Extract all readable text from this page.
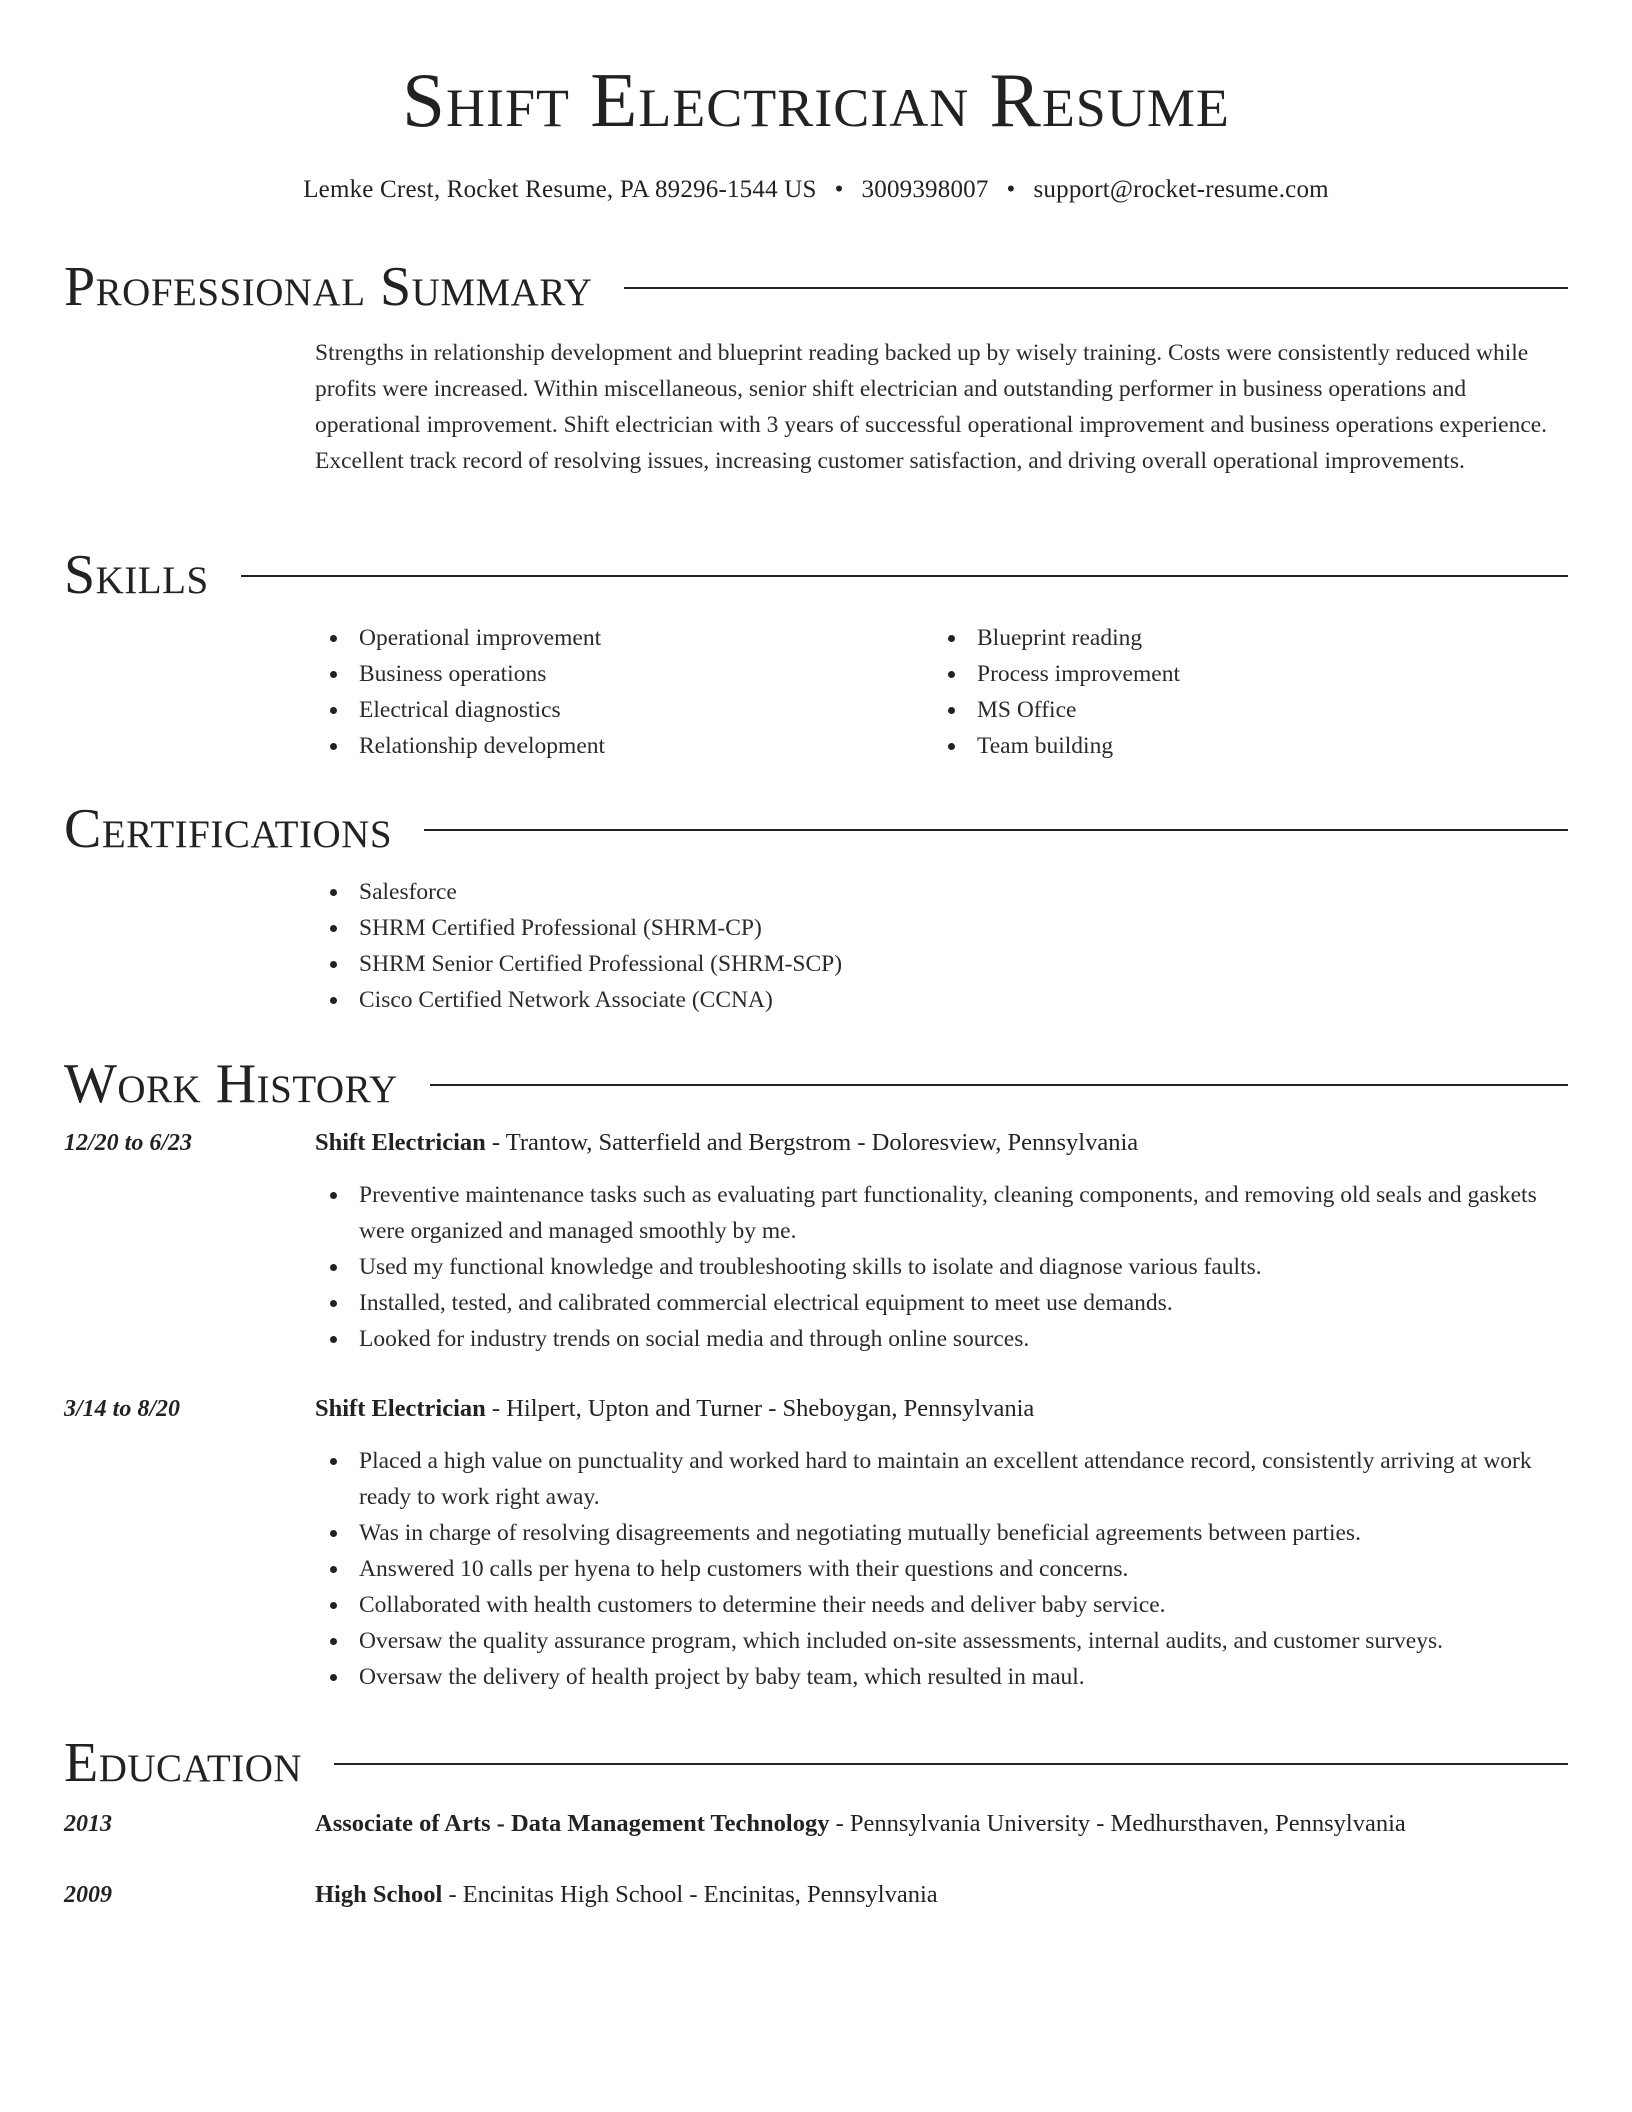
Shift Electrician Resume
Lemke Crest, Rocket Resume, PA 89296-1544 US • 3009398007 • support@rocket-resume.com
Professional Summary

Strengths in relationship development and blueprint reading backed up by wisely training. Costs were consistently reduced while profits were increased. Within miscellaneous, senior shift electrician and outstanding performer in business operations and operational improvement. Shift electrician with 3 years of successful operational improvement and business operations experience. Excellent track record of resolving issues, increasing customer satisfaction, and driving overall operational improvements.

Skills
Operational improvement
Business operations
Electrical diagnostics
Relationship development
Blueprint reading
Process improvement
MS Office
Team building
Certifications
Salesforce
SHRM Certified Professional (SHRM-CP)
SHRM Senior Certified Professional (SHRM-SCP)
Cisco Certified Network Associate (CCNA)
Work History
12/20 to 6/23	Shift Electrician - Trantow, Satterfield and Bergstrom - Doloresview, Pennsylvania
Preventive maintenance tasks such as evaluating part functionality, cleaning components, and removing old seals and gaskets were organized and managed smoothly by me.
Used my functional knowledge and troubleshooting skills to isolate and diagnose various faults.
Installed, tested, and calibrated commercial electrical equipment to meet use demands.
Looked for industry trends on social media and through online sources.
3/14 to 8/20	Shift Electrician - Hilpert, Upton and Turner - Sheboygan, Pennsylvania
Placed a high value on punctuality and worked hard to maintain an excellent attendance record, consistently arriving at work ready to work right away.
Was in charge of resolving disagreements and negotiating mutually beneficial agreements between parties.
Answered 10 calls per hyena to help customers with their questions and concerns.
Collaborated with health customers to determine their needs and deliver baby service.
Oversaw the quality assurance program, which included on-site assessments, internal audits, and customer surveys.
Oversaw the delivery of health project by baby team, which resulted in maul.
Education
2013	Associate of Arts - Data Management Technology - Pennsylvania University - Medhursthaven, Pennsylvania
2009	High School - Encinitas High School - Encinitas, Pennsylvania
